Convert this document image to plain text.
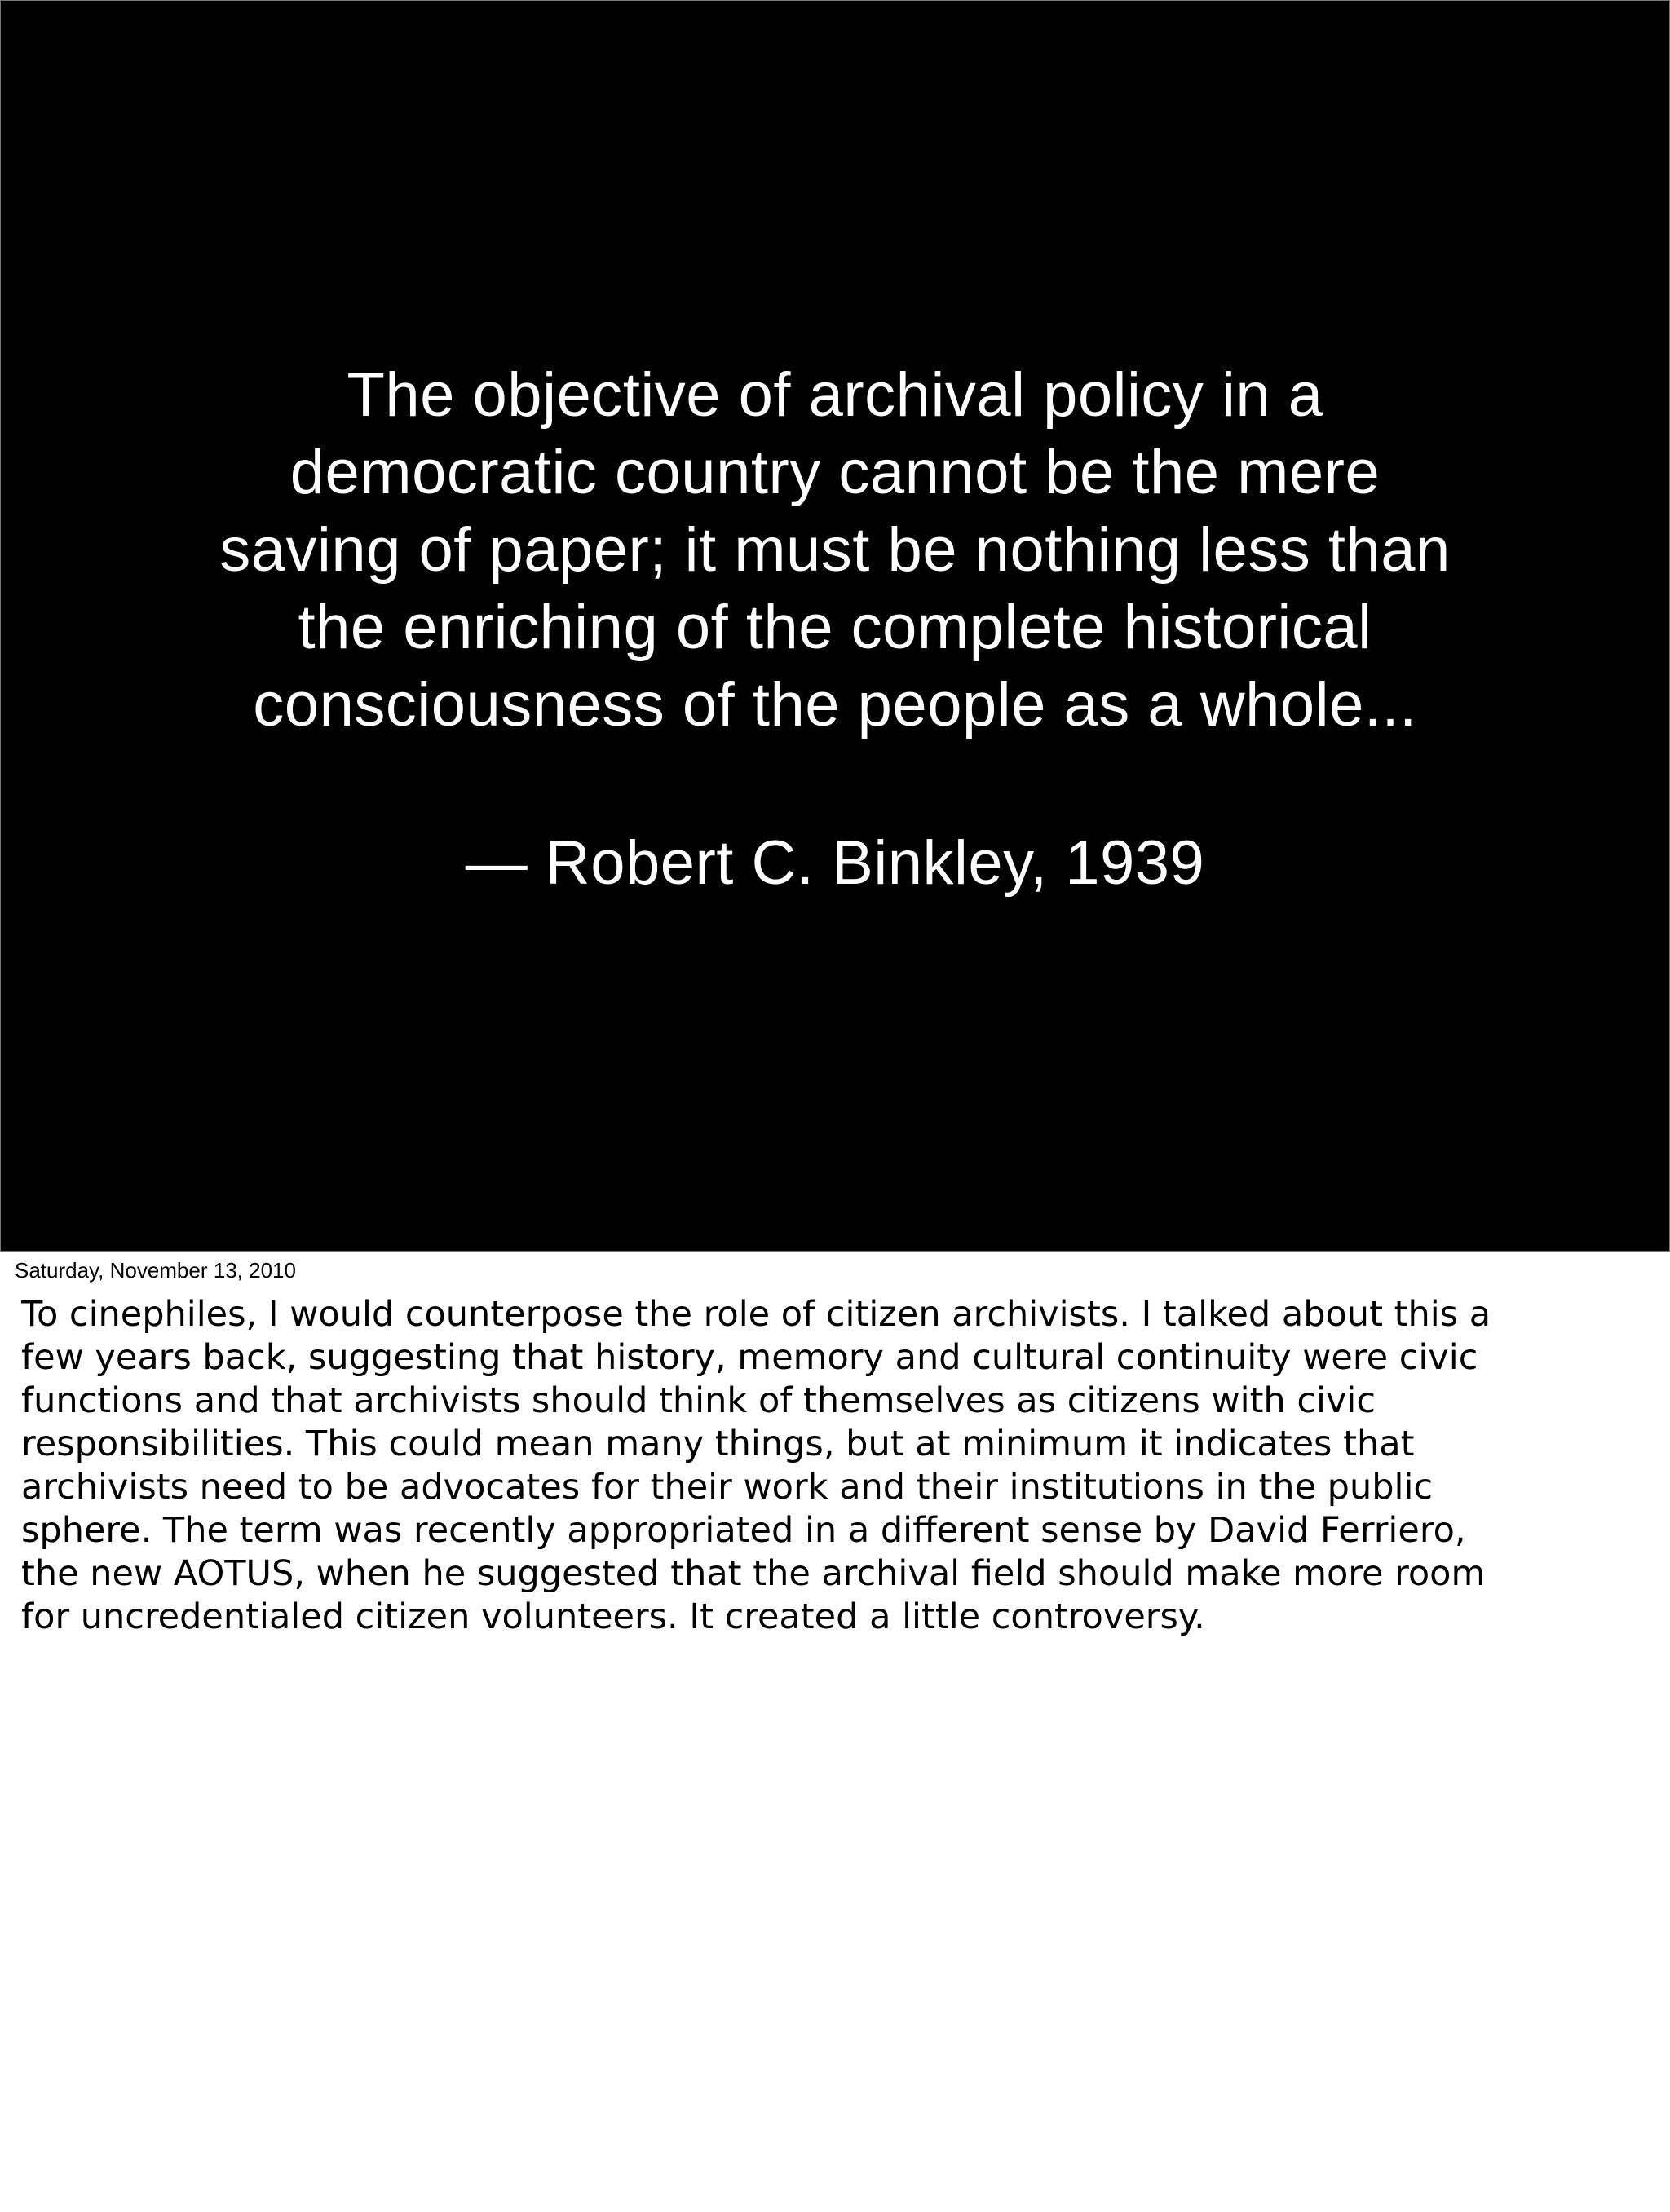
The objective of archival policy in a
democratic country cannot be the mere
saving of paper; it must be nothing less than
the enriching of the complete historical
consciousness of the people as a whole...
— Robert C. Binkley, 1939
Saturday, November 13, 2010
To cinephiles, I would counterpose the role of citizen archivists. I talked about this a
few years back, suggesting that history, memory and cultural continuity were civic
functions and that archivists should think of themselves as citizens with civic
responsibilities. This could mean many things, but at minimum it indicates that
archivists need to be advocates for their work and their institutions in the public
sphere. The term was recently appropriated in a different sense by David Ferriero,
the new AOTUS, when he suggested that the archival field should make more room
for uncredentialed citizen volunteers. It created a little controversy.
